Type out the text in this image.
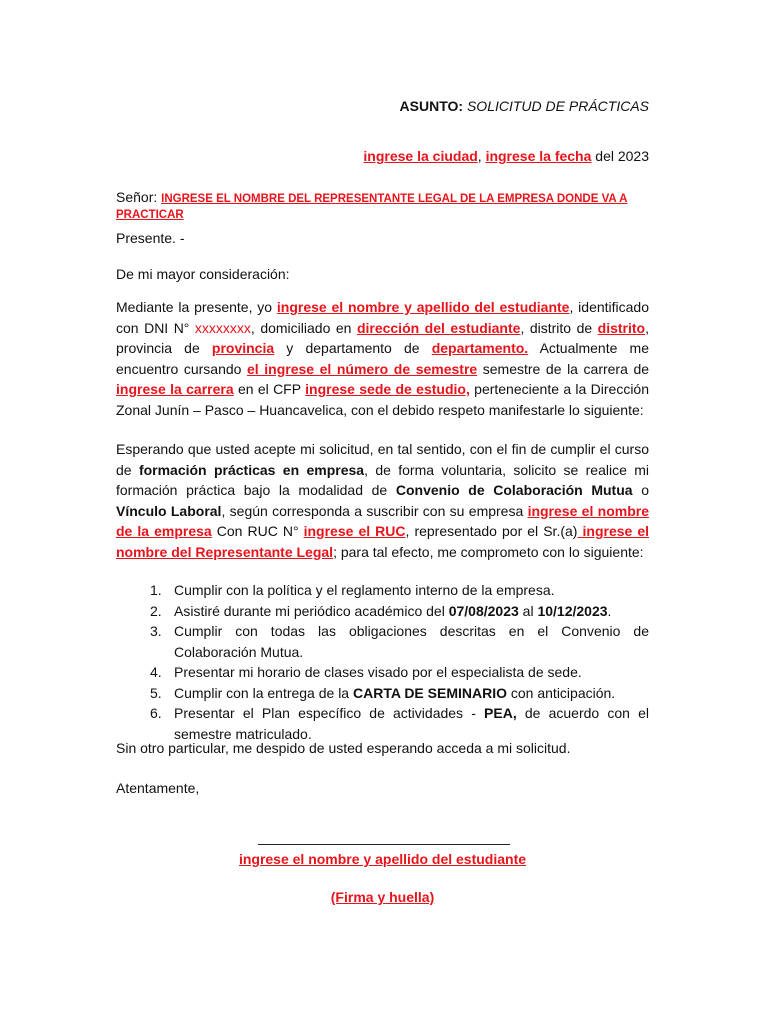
ASUNTO: SOLICITUD DE PRÁCTICAS

ingrese la ciudad, ingrese la fecha del 2023

Señor: INGRESE EL NOMBRE DEL REPRESENTANTE LEGAL DE LA EMPRESA DONDE VA A PRACTICAR

Presente. -

De mi mayor consideración:

Mediante la presente, yo ingrese el nombre y apellido del estudiante, identificado con DNI N° xxxxxxxx, domiciliado en dirección del estudiante, distrito de distrito, provincia de provincia y departamento de departamento. Actualmente me encuentro cursando el ingrese el número de semestre semestre de la carrera de ingrese la carrera en el CFP ingrese sede de estudio, perteneciente a la Dirección Zonal Junín – Pasco – Huancavelica, con el debido respeto manifestarle lo siguiente:

Esperando que usted acepte mi solicitud, en tal sentido, con el fin de cumplir el curso de formación prácticas en empresa, de forma voluntaria, solicito se realice mi formación práctica bajo la modalidad de Convenio de Colaboración Mutua o Vínculo Laboral, según corresponda a suscribir con su empresa ingrese el nombre de la empresa Con RUC N° ingrese el RUC, representado por el Sr.(a) ingrese el nombre del Representante Legal; para tal efecto, me comprometo con lo siguiente:

1. Cumplir con la política y el reglamento interno de la empresa.
2. Asistiré durante mi periódico académico del 07/08/2023 al 10/12/2023.
3. Cumplir con todas las obligaciones descritas en el Convenio de Colaboración Mutua.
4. Presentar mi horario de clases visado por el especialista de sede.
5. Cumplir con la entrega de la CARTA DE SEMINARIO con anticipación.
6. Presentar el Plan específico de actividades - PEA, de acuerdo con el semestre matriculado.

Sin otro particular, me despido de usted esperando acceda a mi solicitud.

Atentamente,

ingrese el nombre y apellido del estudiante

(Firma y huella)
